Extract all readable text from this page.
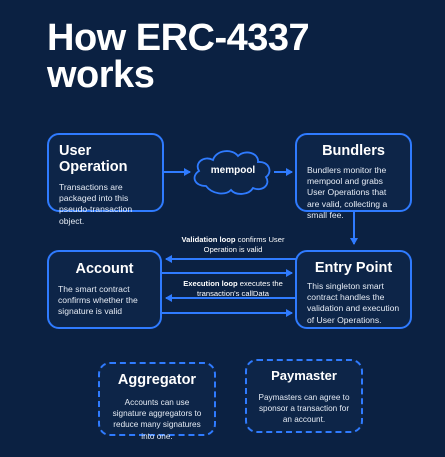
How ERC-4337
works
mempool
User Operation

Transactions are packaged into this pseudo-transaction object.

Bundlers

Bundlers monitor the mempool and grabs User Operations that are valid, collecting a small fee.

Validation loop confirms User Operation is valid
Execution loop executes the transaction's callData
Account

The smart contract confirms whether the signature is valid

Entry Point

This singleton smart contract handles the validation and execution of User Operations.

Aggregator

Accounts can use signature aggregators to reduce many signatures into one.

Paymaster

Paymasters can agree to sponsor a transaction for an account.
